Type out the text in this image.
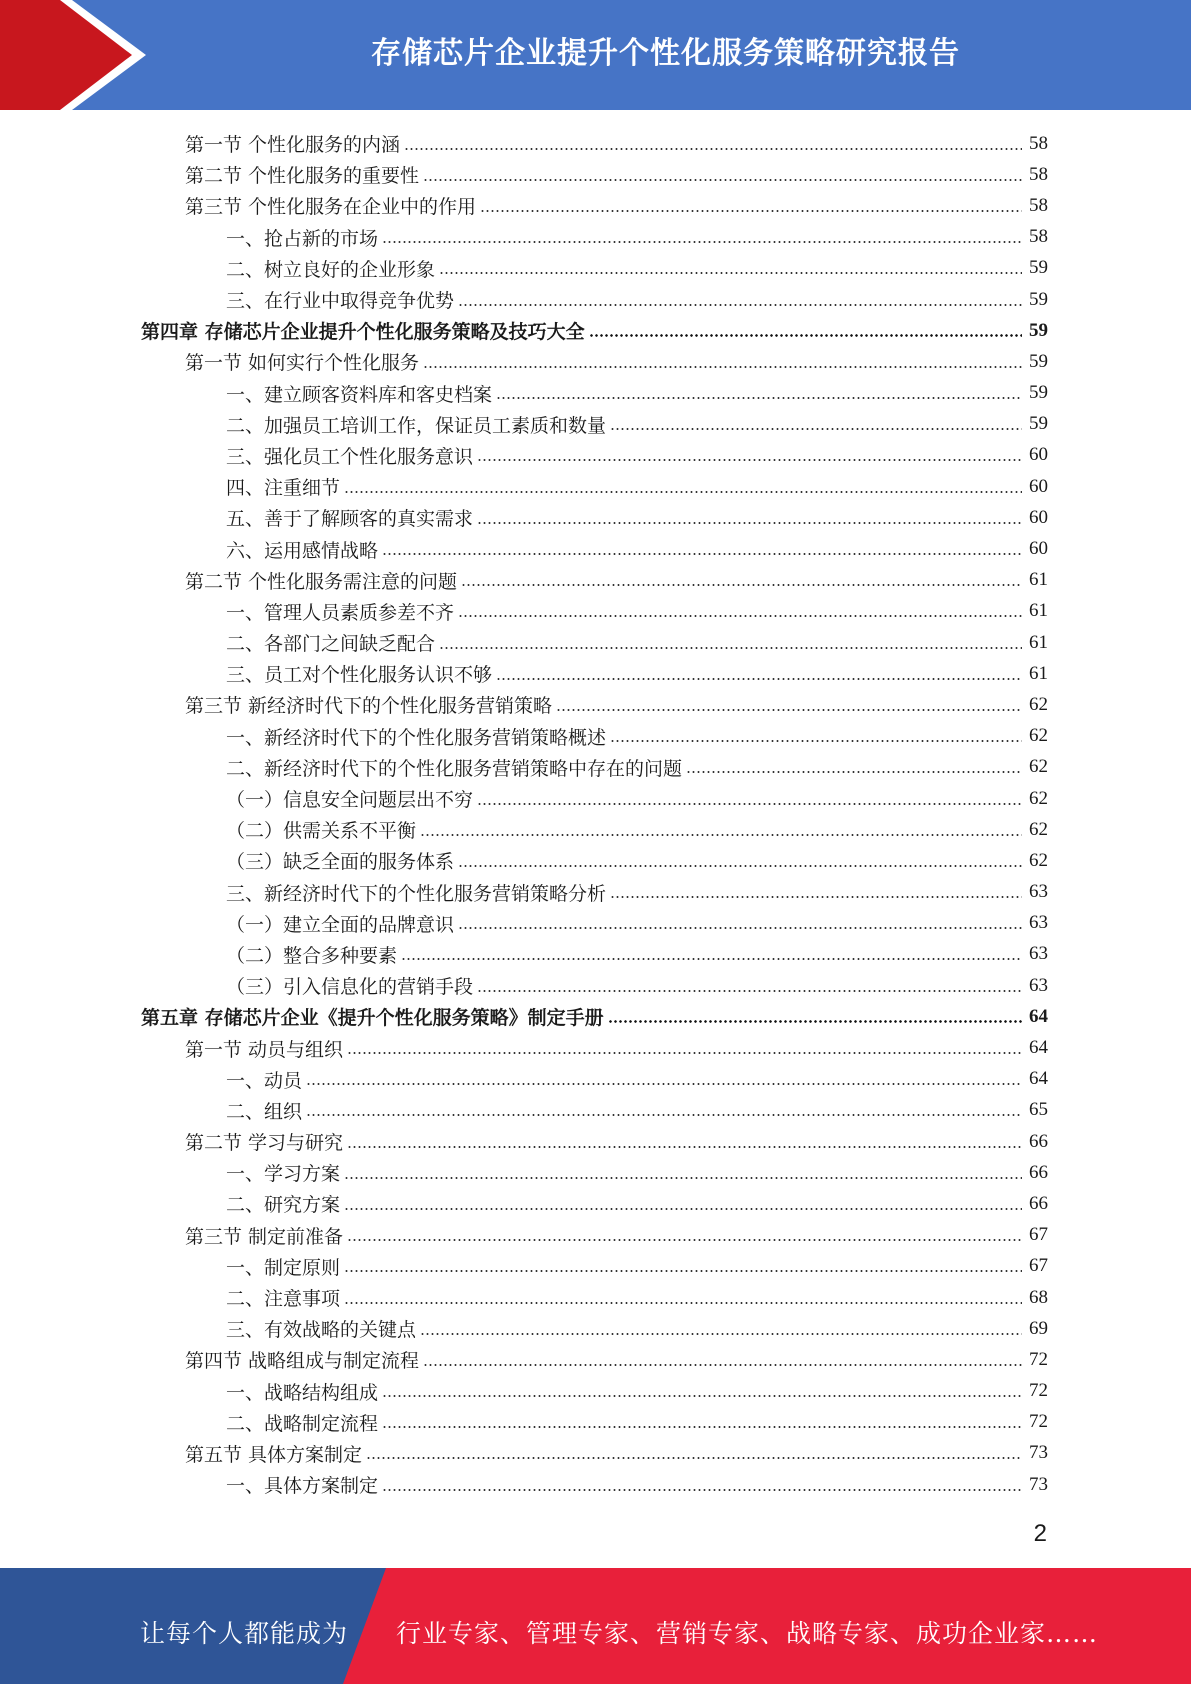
存储芯片企业提升个性化服务策略研究报告
第一节 个性化服务的内涵	58
第二节 个性化服务的重要性	58
第三节 个性化服务在企业中的作用	58
一、抢占新的市场	58
二、树立良好的企业形象	59
三、在行业中取得竞争优势	59
第四章 存储芯片企业提升个性化服务策略及技巧大全	59
第一节 如何实行个性化服务	59
一、建立顾客资料库和客史档案	59
二、加强员工培训工作，保证员工素质和数量	59
三、强化员工个性化服务意识	60
四、注重细节	60
五、善于了解顾客的真实需求	60
六、运用感情战略	60
第二节 个性化服务需注意的问题	61
一、管理人员素质参差不齐	61
二、各部门之间缺乏配合	61
三、员工对个性化服务认识不够	61
第三节 新经济时代下的个性化服务营销策略	62
一、新经济时代下的个性化服务营销策略概述	62
二、新经济时代下的个性化服务营销策略中存在的问题	62
（一）信息安全问题层出不穷	62
（二）供需关系不平衡	62
（三）缺乏全面的服务体系	62
三、新经济时代下的个性化服务营销策略分析	63
（一）建立全面的品牌意识	63
（二）整合多种要素	63
（三）引入信息化的营销手段	63
第五章 存储芯片企业《提升个性化服务策略》制定手册	64
第一节 动员与组织	64
一、动员	64
二、组织	65
第二节 学习与研究	66
一、学习方案	66
二、研究方案	66
第三节 制定前准备	67
一、制定原则	67
二、注意事项	68
三、有效战略的关键点	69
第四节 战略组成与制定流程	72
一、战略结构组成	72
二、战略制定流程	72
第五节 具体方案制定	73
一、具体方案制定	73
2
让每个人都能成为 行业专家、管理专家、营销专家、战略专家、成功企业家……
